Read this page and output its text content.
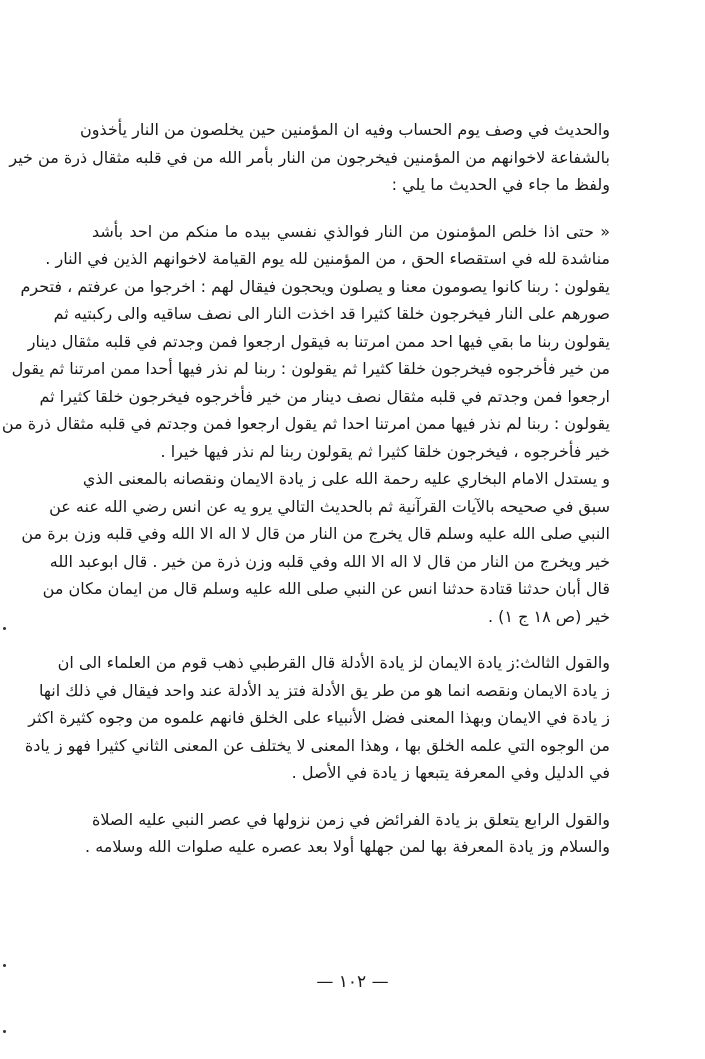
والحديث في وصف يوم الحساب وفيه ان المؤمنين حين يخلصون من النار يأخذون
بالشفاعة لاخوانهم من المؤمنين فيخرجون من النار بأمر الله من في قلبه مثقال ذرة من خير
ولفظ ما جاء في الحديث ما يلي :
« حتى اذا خلص المؤمنون من النار فوالذي نفسي بيده ما منكم من احد بأشد
مناشدة لله في استقصاء الحق ، من المؤمنين لله يوم القيامة لاخوانهم الذين في النار .
يقولون : ربنا كانوا يصومون معنا و يصلون ويحجون فيقال لهم : اخرجوا من عرفتم ، فتحرم
صورهم على النار فيخرجون خلقا كثيرا قد اخذت النار الى نصف ساقيه والى ركبتيه ثم
يقولون ربنا ما بقي فيها احد ممن امرتنا به فيقول ارجعوا فمن وجدتم في قلبه مثقال دينار
من خير فأخرجوه فيخرجون خلقا كثيرا ثم يقولون : ربنا لم نذر فيها أحدا ممن امرتنا ثم يقول
ارجعوا فمن وجدتم في قلبه مثقال نصف دينار من خير فأخرجوه فيخرجون خلقا كثيرا ثم
يقولون : ربنا لم نذر فيها ممن امرتنا احدا ثم يقول ارجعوا فمن وجدتم في قلبه مثقال ذرة من
خير فأخرجوه ، فيخرجون خلقا كثيرا ثم يقولون ربنا لم نذر فيها خيرا .
و يستدل الامام البخاري عليه رحمة الله على ز يادة الايمان ونقصانه بالمعنى الذي
سبق في صحيحه بالآيات القرآنية ثم بالحديث التالي يرو يه عن انس رضي الله عنه عن
النبي صلى الله عليه وسلم قال يخرج من النار من قال لا اله الا الله وفي قلبه وزن برة من
خير ويخرج من النار من قال لا اله الا الله وفي قلبه وزن ذرة من خير . قال ابوعبد الله
قال أبان حدثنا قتادة حدثنا انس عن النبي صلى الله عليه وسلم قال من ايمان مكان من
خير (ص ١٨ ج ١) .
والقول الثالث:ز يادة الايمان لز يادة الأدلة قال القرطبي ذهب قوم من العلماء الى ان
ز يادة الايمان ونقصه انما هو من طر يق الأدلة فتز يد الأدلة عند واحد فيقال في ذلك انها
ز يادة في الايمان وبهذا المعنى فضل الأنبياء على الخلق فانهم علموه من وجوه كثيرة اكثر
من الوجوه التي علمه الخلق بها ، وهذا المعنى لا يختلف عن المعنى الثاني كثيرا فهو ز يادة
في الدليل وفي المعرفة يتبعها ز يادة في الأصل .
والقول الرابع يتعلق بز يادة الفرائض في زمن نزولها في عصر النبي عليه الصلاة
والسلام وز يادة المعرفة بها لمن جهلها أولا بعد عصره عليه صلوات الله وسلامه .
— ١٠٢ —
